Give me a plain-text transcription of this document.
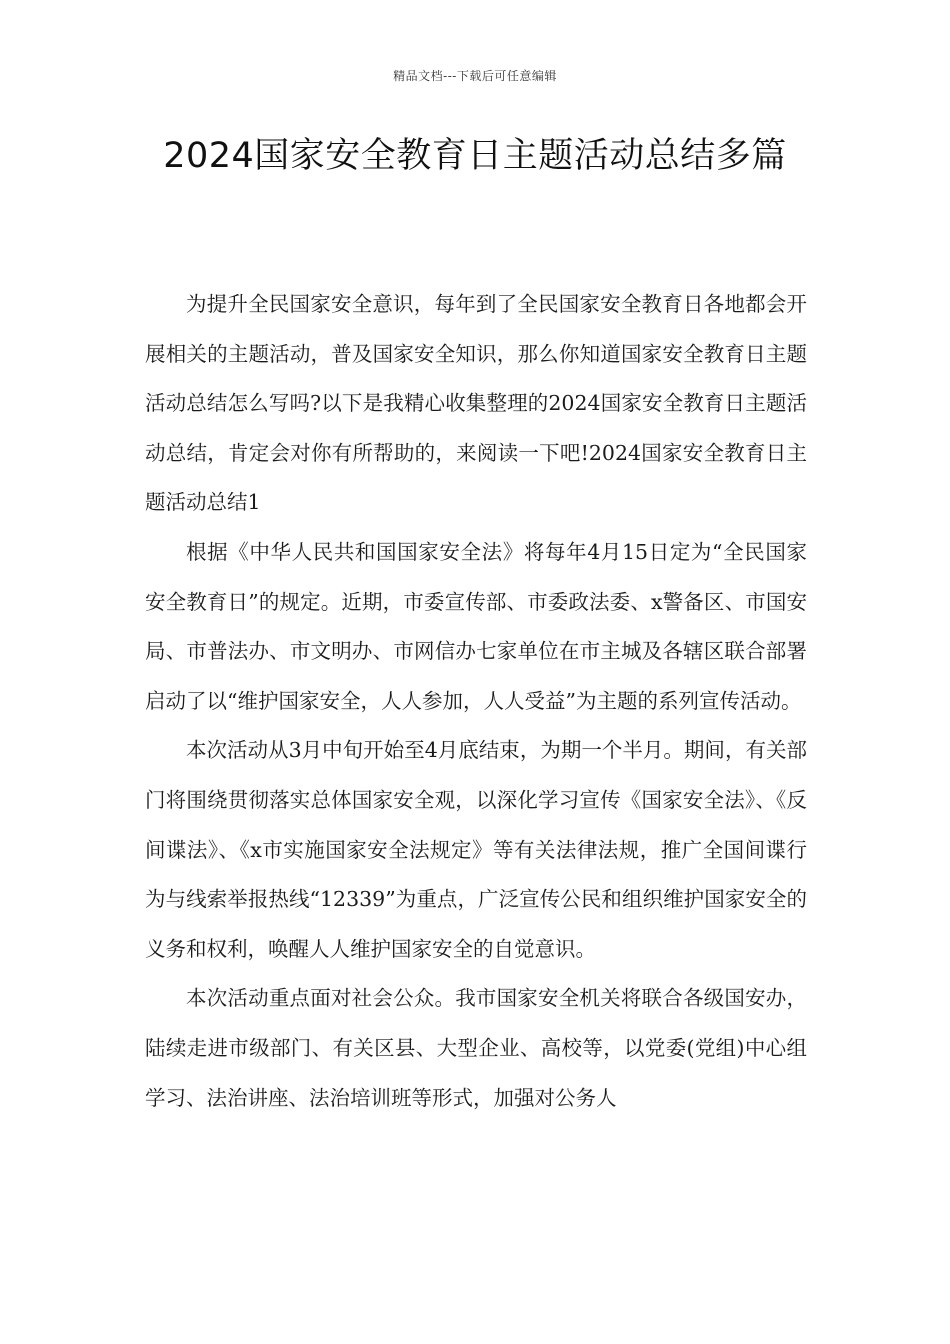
精品文档---下载后可任意编辑
2024国家安全教育日主题活动总结多篇

为提升全民国家安全意识，每年到了全民国家安全教育日各地都会开展相关的主题活动，普及国家安全知识，那么你知道国家安全教育日主题活动总结怎么写吗?以下是我精心收集整理的2024国家安全教育日主题活动总结，肯定会对你有所帮助的，来阅读一下吧!2024国家安全教育日主题活动总结1

根据《中华人民共和国国家安全法》将每年4月15日定为“全民国家安全教育日”的规定。近期，市委宣传部、市委政法委、x警备区、市国安局、市普法办、市文明办、市网信办七家单位在市主城及各辖区联合部署启动了以“维护国家安全，人人参加，人人受益”为主题的系列宣传活动。

本次活动从3月中旬开始至4月底结束，为期一个半月。期间，有关部门将围绕贯彻落实总体国家安全观，以深化学习宣传《国家安全法》、《反间谍法》、《x市实施国家安全法规定》等有关法律法规，推广全国间谍行为与线索举报热线“12339”为重点，广泛宣传公民和组织维护国家安全的义务和权利，唤醒人人维护国家安全的自觉意识。

本次活动重点面对社会公众。我市国家安全机关将联合各级国安办，陆续走进市级部门、有关区县、大型企业、高校等，以党委(党组)中心组学习、法治讲座、法治培训班等形式，加强对公务人
